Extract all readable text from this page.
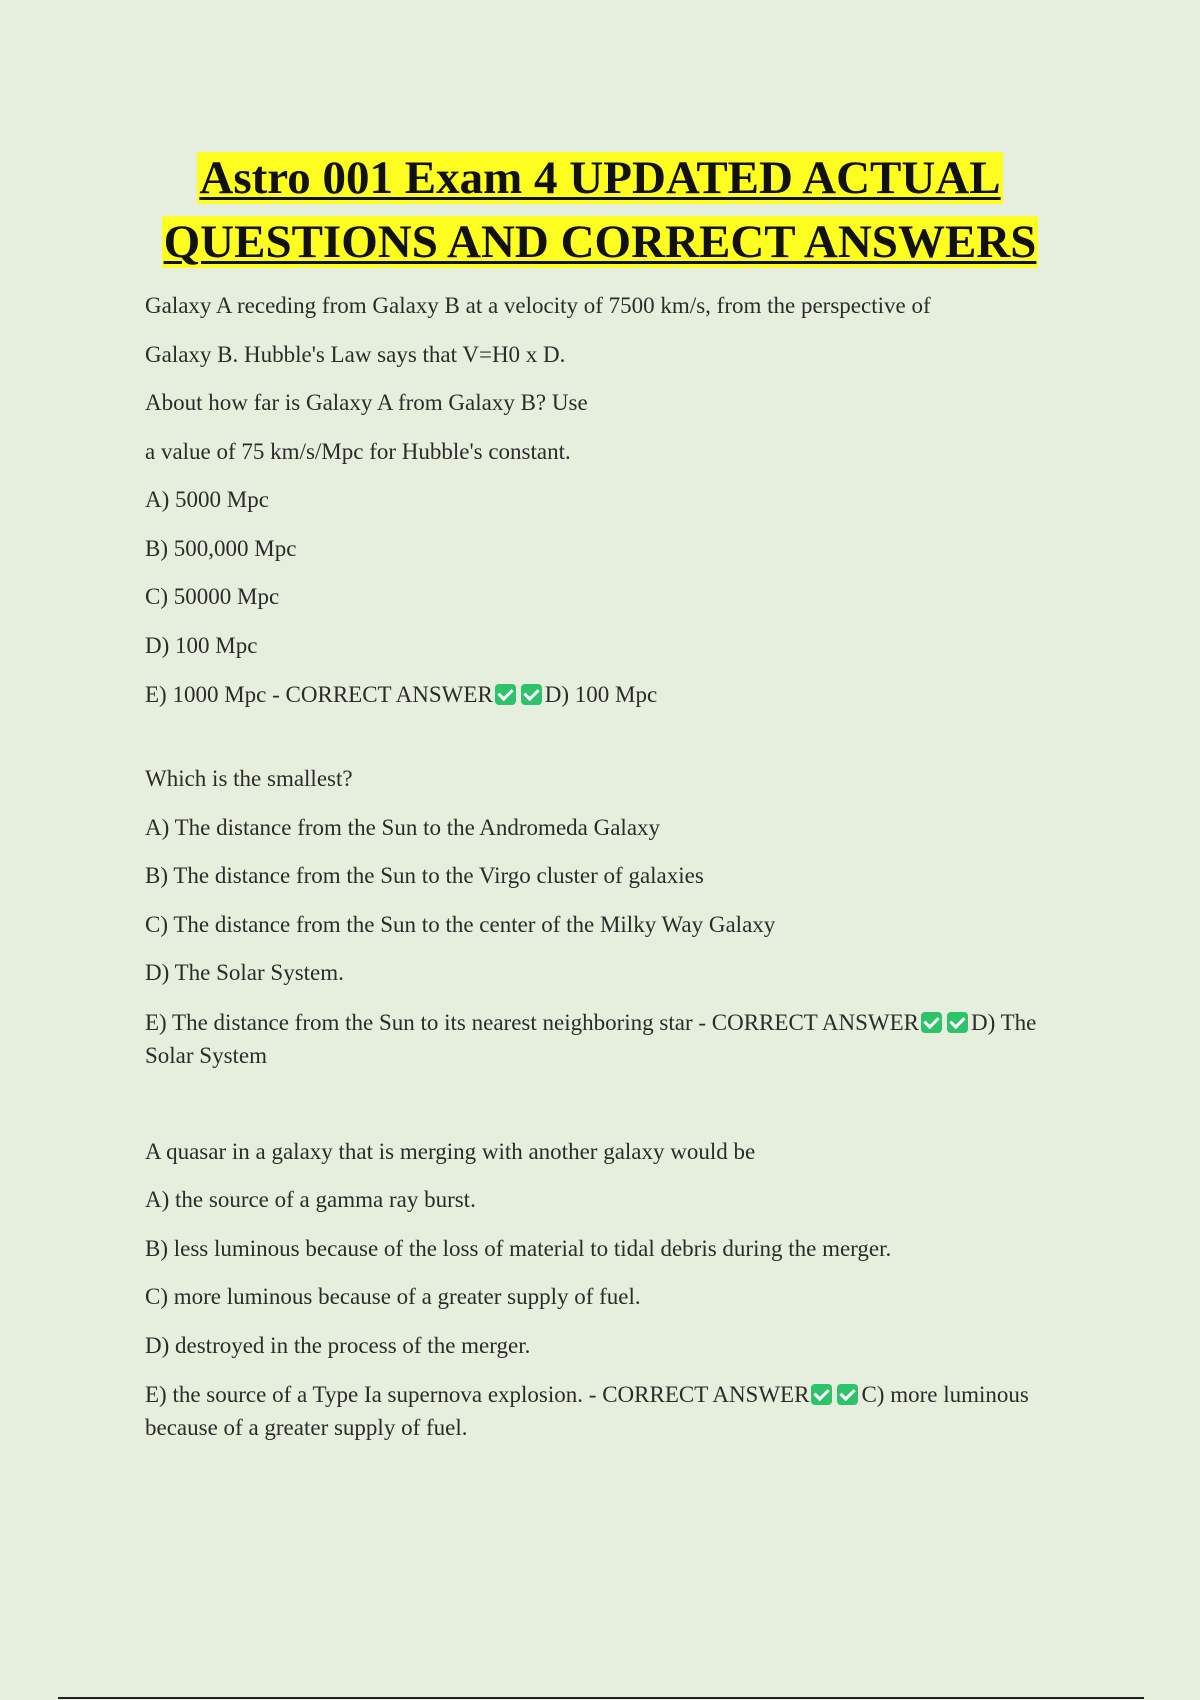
Astro 001 Exam 4 UPDATED ACTUAL
QUESTIONS AND CORRECT ANSWERS

Galaxy A receding from Galaxy B at a velocity of 7500 km/s, from the perspective of

Galaxy B. Hubble's Law says that V=H0 x D.

About how far is Galaxy A from Galaxy B? Use

a value of 75 km/s/Mpc for Hubble's constant.

A) 5000 Mpc

B) 500,000 Mpc

C) 50000 Mpc

D) 100 Mpc

E) 1000 Mpc - CORRECT ANSWER D) 100 Mpc

Which is the smallest?

A) The distance from the Sun to the Andromeda Galaxy

B) The distance from the Sun to the Virgo cluster of galaxies

C) The distance from the Sun to the center of the Milky Way Galaxy

D) The Solar System.

E) The distance from the Sun to its nearest neighboring star - CORRECT ANSWER D) The Solar System

A quasar in a galaxy that is merging with another galaxy would be

A) the source of a gamma ray burst.

B) less luminous because of the loss of material to tidal debris during the merger.

C) more luminous because of a greater supply of fuel.

D) destroyed in the process of the merger.

E) the source of a Type Ia supernova explosion. - CORRECT ANSWER C) more luminous because of a greater supply of fuel.
